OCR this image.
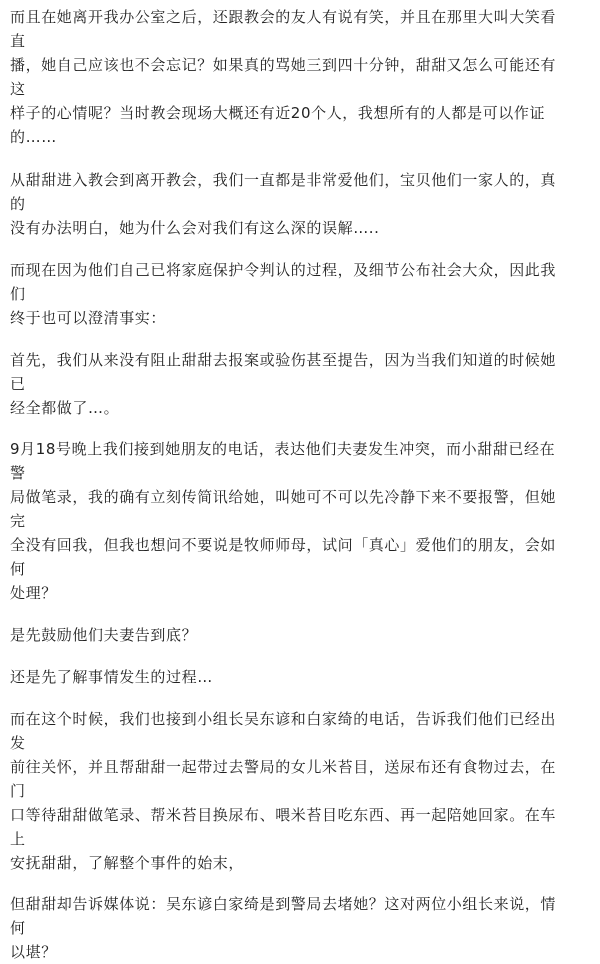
而且在她离开我办公室之后，还跟教会的友人有说有笑，并且在那里大叫大笑看直
播，她自己应该也不会忘记？如果真的骂她三到四十分钟，甜甜又怎么可能还有这
样子的心情呢？当时教会现场大概还有近20个人，我想所有的人都是可以作证
的……

从甜甜进入教会到离开教会，我们一直都是非常爱他们，宝贝他们一家人的，真的
没有办法明白，她为什么会对我们有这么深的误解…..

而现在因为他们自己已将家庭保护令判认的过程，及细节公布社会大众，因此我们
终于也可以澄清事实：

首先，我们从来没有阻止甜甜去报案或验伤甚至提告，因为当我们知道的时候她已
经全都做了…。

9月18号晚上我们接到她朋友的电话，表达他们夫妻发生冲突，而小甜甜已经在警
局做笔录，我的确有立刻传简讯给她，叫她可不可以先冷静下来不要报警，但她完
全没有回我，但我也想问不要说是牧师师母，试问「真心」爱他们的朋友，会如何
处理？

是先鼓励他们夫妻告到底？

还是先了解事情发生的过程…

而在这个时候，我们也接到小组长吴东谚和白家绮的电话，告诉我们他们已经出发
前往关怀，并且帮甜甜一起带过去警局的女儿米苔目，送尿布还有食物过去，在门
口等待甜甜做笔录、帮米苔目换尿布、喂米苔目吃东西、再一起陪她回家。在车上
安抚甜甜，了解整个事件的始末，

但甜甜却告诉媒体说：吴东谚白家绮是到警局去堵她？这对两位小组长来说，情何
以堪？
